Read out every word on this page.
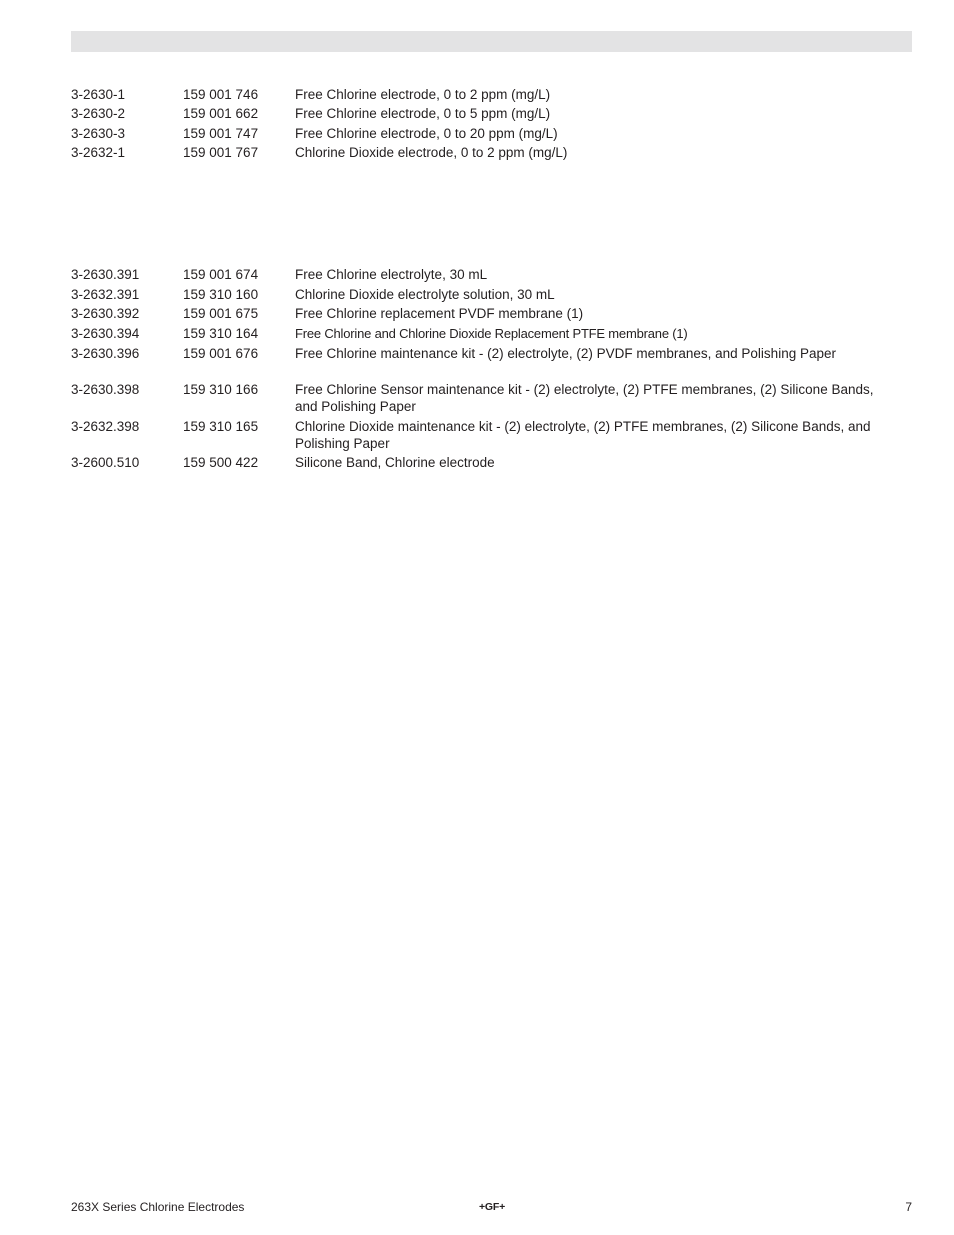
3-2630-1	159 001 746	Free Chlorine electrode, 0 to 2 ppm (mg/L)
3-2630-2	159 001 662	Free Chlorine electrode, 0 to 5 ppm (mg/L)
3-2630-3	159 001 747	Free Chlorine electrode, 0 to 20 ppm (mg/L)
3-2632-1	159 001 767	Chlorine Dioxide electrode, 0 to 2 ppm (mg/L)
3-2630.391	159 001 674	Free Chlorine electrolyte, 30 mL
3-2632.391	159 310 160	Chlorine Dioxide electrolyte solution, 30 mL
3-2630.392	159 001 675	Free Chlorine replacement PVDF membrane (1)
3-2630.394	159 310 164	Free Chlorine and Chlorine Dioxide Replacement PTFE membrane (1)
3-2630.396	159 001 676	Free Chlorine maintenance kit - (2) electrolyte, (2) PVDF membranes, and Polishing Paper
3-2630.398	159 310 166	Free Chlorine Sensor maintenance kit - (2) electrolyte, (2) PTFE membranes, (2) Silicone Bands, and Polishing Paper
3-2632.398	159 310 165	Chlorine Dioxide maintenance kit - (2) electrolyte, (2) PTFE membranes, (2) Silicone Bands, and Polishing Paper
3-2600.510	159 500 422	Silicone Band, Chlorine electrode
263X Series Chlorine Electrodes	+GF+	7
